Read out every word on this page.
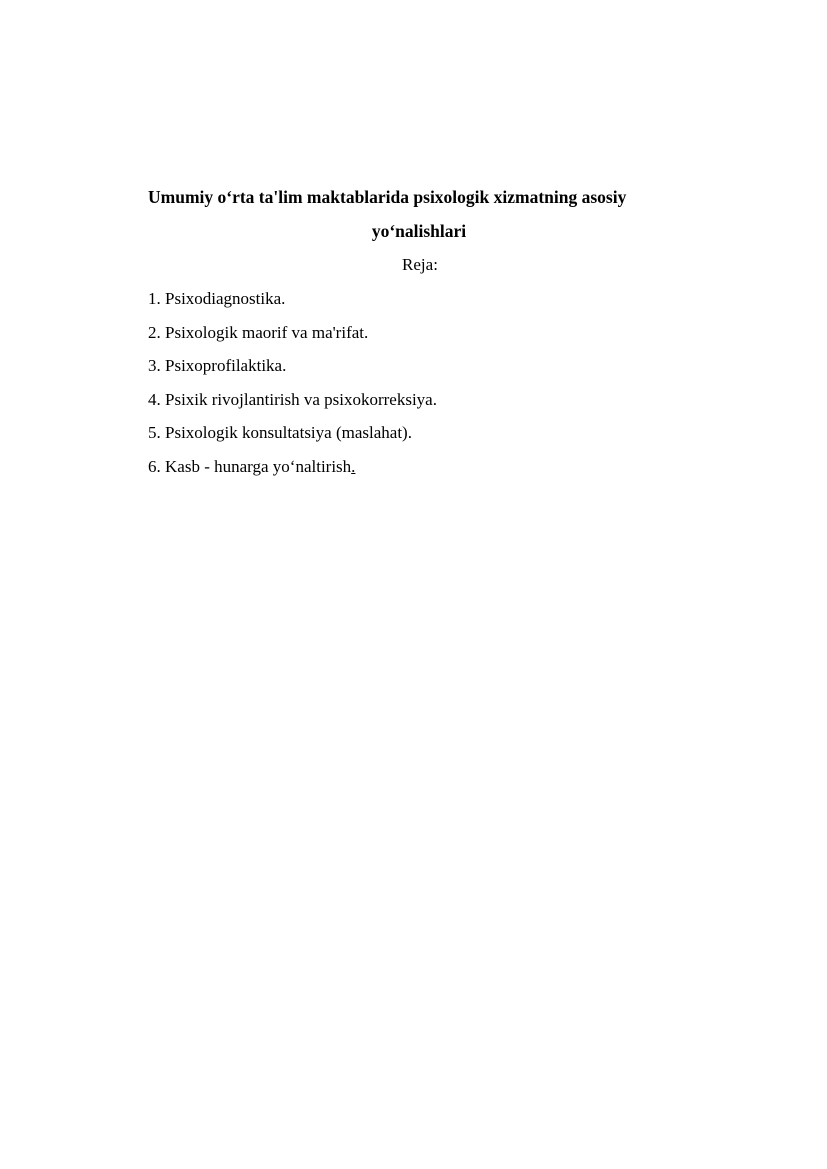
Umumiy o‘rta ta'lim maktablarida psixologik xizmatning asosiy
yo‘nalishlari

Reja:

1. Psixodiagnostika.
2. Psixologik maorif va ma'rifat.
3. Psixoprofilaktika.
4. Psixik rivojlantirish va psixokorreksiya.
5. Psixologik konsultatsiya (maslahat).
6. Kasb - hunarga yo‘naltirish.
